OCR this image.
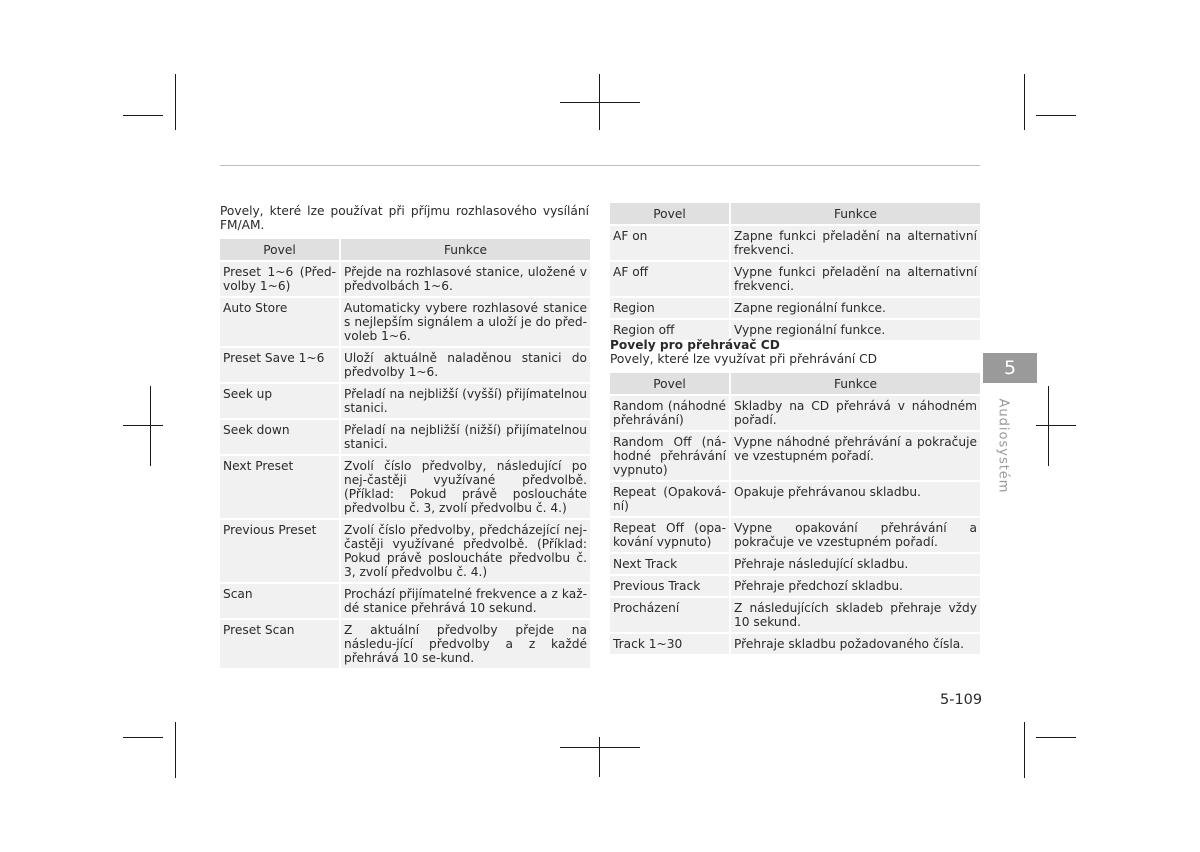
Povely, které lze používat při příjmu rozhlasového vysílání FM/AM.
Povel	Funkce
Preset 1~6 (Před-volby 1~6)	Přejde na rozhlasové stanice, uložené v předvolbách 1~6.
Auto Store	Automaticky vybere rozhlasové stanice s nejlepším signálem a uloží je do před-voleb 1~6.
Preset Save 1~6	Uloží aktuálně naladěnou stanici do předvolby 1~6.
Seek up	Přeladí na nejbližší (vyšší) přijímatelnou stanici.
Seek down	Přeladí na nejbližší (nižší) přijímatelnou stanici.
Next Preset	Zvolí číslo předvolby, následující po nej-častěji využívané předvolbě. (Příklad: Pokud právě posloucháte předvolbu č. 3, zvolí předvolbu č. 4.)
Previous Preset	Zvolí číslo předvolby, předcházející nej-častěji využívané předvolbě. (Příklad: Pokud právě posloucháte předvolbu č. 3, zvolí předvolbu č. 4.)
Scan	Prochází přijímatelné frekvence a z kaž-dé stanice přehrává 10 sekund.
Preset Scan	Z aktuální předvolby přejde na následu-jící předvolby a z každé přehrává 10 se-kund.
Povel	Funkce
AF on	Zapne funkci přeladění na alternativní frekvenci.
AF off	Vypne funkci přeladění na alternativní frekvenci.
Region	Zapne regionální funkce.
Region off	Vypne regionální funkce.
Povely pro přehrávač CD
Povely, které lze využívat při přehrávání CD
Povel	Funkce
Random (náhodné přehrávání)	Skladby na CD přehrává v náhodném pořadí.
Random Off (ná-hodné přehrávání vypnuto)	Vypne náhodné přehrávání a pokračuje ve vzestupném pořadí.
Repeat (Opaková-ní)	Opakuje přehrávanou skladbu.
Repeat Off (opa-kování vypnuto)	Vypne opakování přehrávání a pokračuje ve vzestupném pořadí.
Next Track	Přehraje následující skladbu.
Previous Track	Přehraje předchozí skladbu.
Procházení	Z následujících skladeb přehraje vždy 10 sekund.
Track 1~30	Přehraje skladbu požadovaného čísla.
5
Audiosystém
5-109
